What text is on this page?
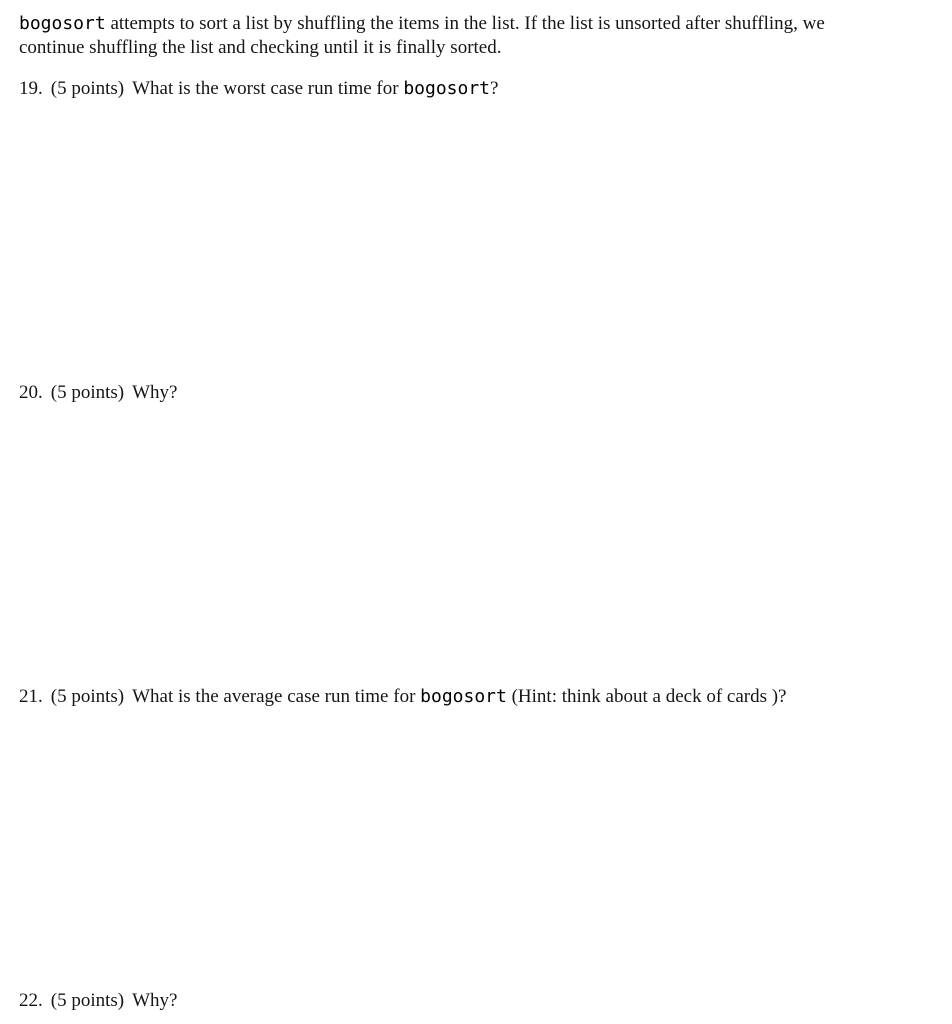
bogosort attempts to sort a list by shuffling the items in the list. If the list is unsorted after shuffling, we
continue shuffling the list and checking until it is finally sorted.
19. (5 points) What is the worst case run time for bogosort?
20. (5 points) Why?
21. (5 points) What is the average case run time for bogosort (Hint: think about a deck of cards )?
22. (5 points) Why?
